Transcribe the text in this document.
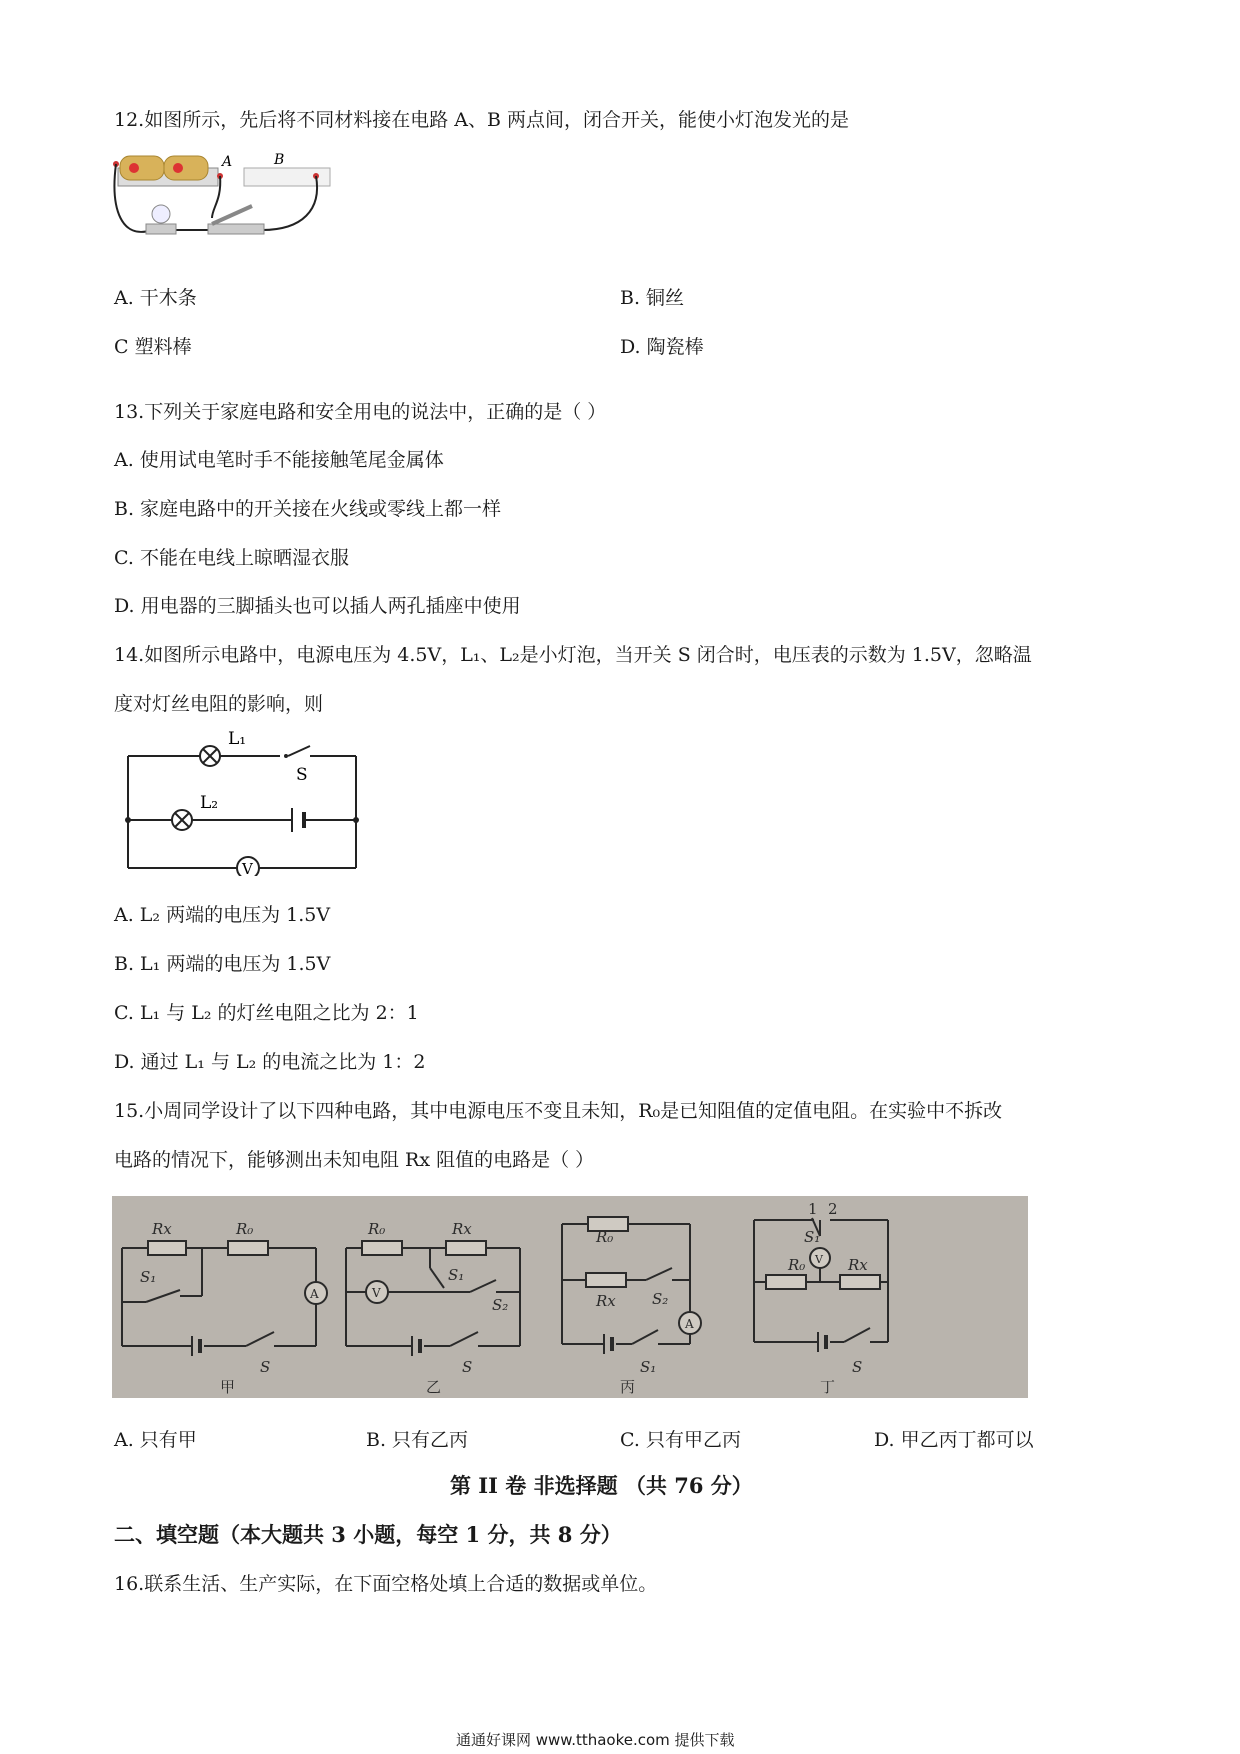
12.如图所示，先后将不同材料接在电路 A、B 两点间，闭合开关，能使小灯泡发光的是
A	B
A. 干木条	B. 铜丝
C 塑料棒	D. 陶瓷棒
13.下列关于家庭电路和安全用电的说法中，正确的是（ ）
A. 使用试电笔时手不能接触笔尾金属体
B. 家庭电路中的开关接在火线或零线上都一样
C. 不能在电线上晾晒湿衣服
D. 用电器的三脚插头也可以插人两孔插座中使用
14.如图所示电路中，电源电压为 4.5V，L₁、L₂是小灯泡，当开关 S 闭合时，电压表的示数为 1.5V，忽略温
度对灯丝电阻的影响，则
V
L₁
S
L₂
A. L₂ 两端的电压为 1.5V
B. L₁ 两端的电压为 1.5V
C. L₁ 与 L₂ 的灯丝电阻之比为 2：1
D. 通过 L₁ 与 L₂ 的电流之比为 1：2
15.小周同学设计了以下四种电路，其中电源电压不变且未知，R₀是已知阻值的定值电阻。在实验中不拆改
电路的情况下，能够测出未知电阻 Rx 阻值的电路是（ ）
Rx	R₀
S₁
S
A
甲
R₀	Rx
S₁
S₂
S
V
乙
R₀
Rx S₂
S₁
A
丙
R₀	Rx
S₁
S
V
1 2
丁
A. 只有甲	B. 只有乙丙	C. 只有甲乙丙	D. 甲乙丙丁都可以
第 II 卷 非选择题 （共 76 分）
二、填空题（本大题共 3 小题，每空 1 分，共 8 分）
16.联系生活、生产实际，在下面空格处填上合适的数据或单位。
通通好课网 www.tthaoke.com 提供下载
